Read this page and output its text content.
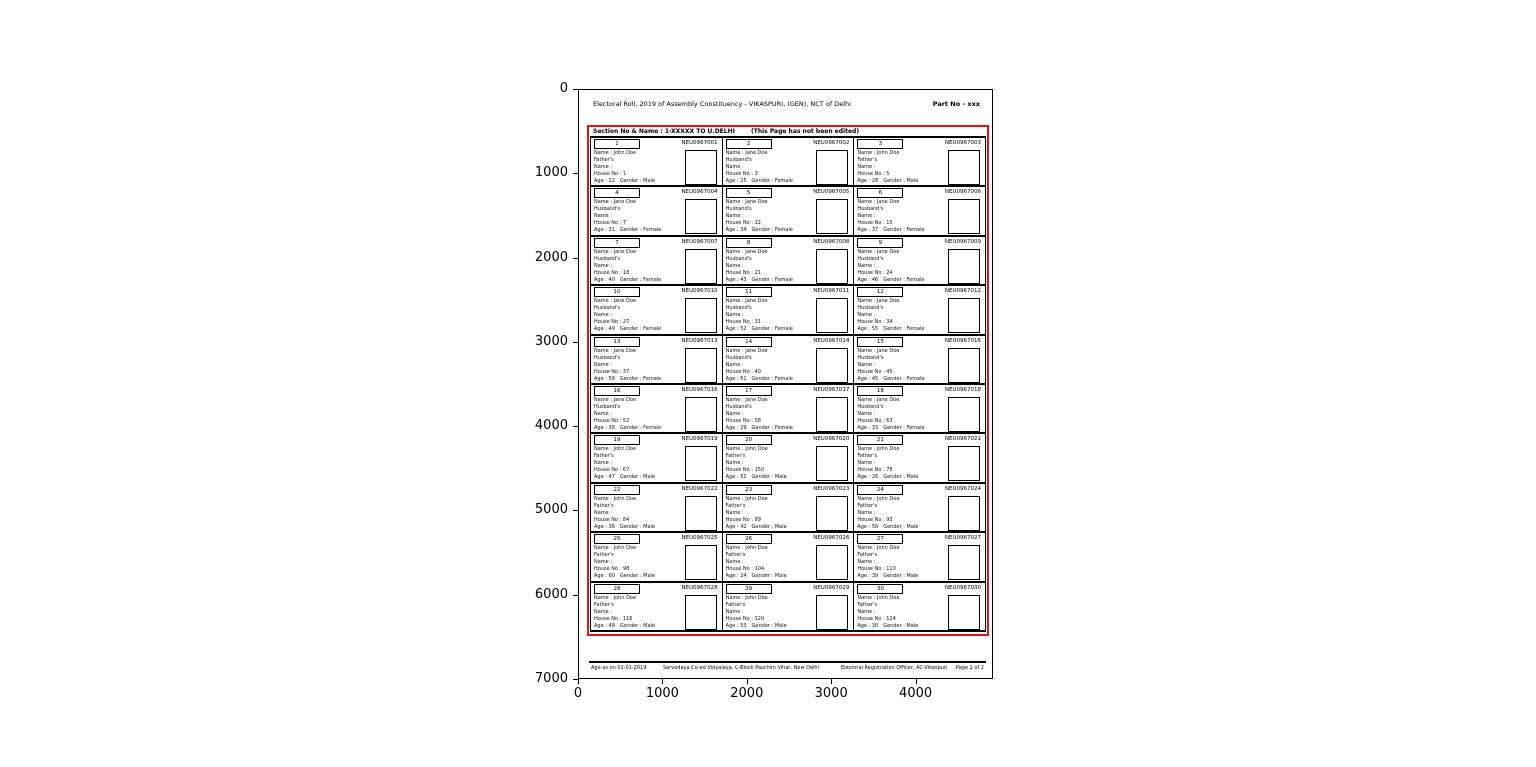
0
1000
2000
3000
4000
5000
6000
7000
0	1000	2000	3000	4000
Electoral Roll, 2019 of Assembly Constituency - VIKASPURI, (GEN), NCT of Delhi	Part No - xxx
Section No & Name : 1-XXXXX TO U.DELHI	(This Page has not been edited)
1	NEU0967001
Name : John Doe
Father's
Name :
House No : 1
Age : 22 Gender : Male
2	NEU0967002
Name : Jane Doe
Husband's
Name :
House No : 3
Age : 25 Gender : Female
3	NEU0967003
Name : John Doe
Father's
Name :
House No : 5
Age : 28 Gender : Male
4	NEU0967004
Name : Jane Doe
Husband's
Name :
House No : 7
Age : 31 Gender : Female
5	NEU0967005
Name : Jane Doe
Husband's
Name :
House No : 12
Age : 34 Gender : Female
6	NEU0967006
Name : Jane Doe
Husband's
Name :
House No : 15
Age : 37 Gender : Female
7	NEU0967007
Name : Jane Doe
Husband's
Name :
House No : 18
Age : 40 Gender : Female
8	NEU0967008
Name : Jane Doe
Husband's
Name :
House No : 21
Age : 43 Gender : Female
9	NEU0967009
Name : Jane Doe
Husband's
Name :
House No : 24
Age : 46 Gender : Female
10	NEU0967010
Name : Jane Doe
Husband's
Name :
House No : 27
Age : 49 Gender : Female
11	NEU0967011
Name : Jane Doe
Husband's
Name :
House No : 31
Age : 52 Gender : Female
12	NEU0967012
Name : Jane Doe
Husband's
Name :
House No : 34
Age : 55 Gender : Female
13	NEU0967013
Name : Jane Doe
Husband's
Name :
House No : 37
Age : 58 Gender : Female
14	NEU0967014
Name : Jane Doe
Husband's
Name :
House No : 40
Age : 61 Gender : Female
15	NEU0967015
Name : Jane Doe
Husband's
Name :
House No : 45
Age : 45 Gender : Female
16	NEU0967016
Name : Jane Doe
Husband's
Name :
House No : 52
Age : 38 Gender : Female
17	NEU0967017
Name : Jane Doe
Husband's
Name :
House No : 58
Age : 29 Gender : Female
18	NEU0967018
Name : Jane Doe
Husband's
Name :
House No : 63
Age : 33 Gender : Female
19	NEU0967019
Name : John Doe
Father's
Name :
House No : 67
Age : 47 Gender : Male
20	NEU0967020
Name : John Doe
Father's
Name :
House No : 150
Age : 51 Gender : Male
21	NEU0967021
Name : John Doe
Father's
Name :
House No : 78
Age : 26 Gender : Male
22	NEU0967022
Name : John Doe
Father's
Name :
House No : 84
Age : 36 Gender : Male
23	NEU0967023
Name : John Doe
Father's
Name :
House No : 89
Age : 42 Gender : Male
24	NEU0967024
Name : John Doe
Father's
Name :
House No : 93
Age : 56 Gender : Male
25	NEU0967025
Name : John Doe
Father's
Name :
House No : 98
Age : 60 Gender : Male
26	NEU0967026
Name : John Doe
Father's
Name :
House No : 104
Age : 24 Gender : Male
27	NEU0967027
Name : John Doe
Father's
Name :
House No : 110
Age : 39 Gender : Male
28	NEU0967028
Name : John Doe
Father's
Name :
House No : 116
Age : 48 Gender : Male
29	NEU0967029
Name : John Doe
Father's
Name :
House No : 120
Age : 53 Gender : Male
30	NEU0967030
Name : John Doe
Father's
Name :
House No : 124
Age : 30 Gender : Male
Age as on 01-01-2019	Sarvodaya Co-ed Vidyalaya, C-Block Paschim Vihar, New Delhi	Electoral Registration Officer, AC-Vikaspuri Page 2 of 2
